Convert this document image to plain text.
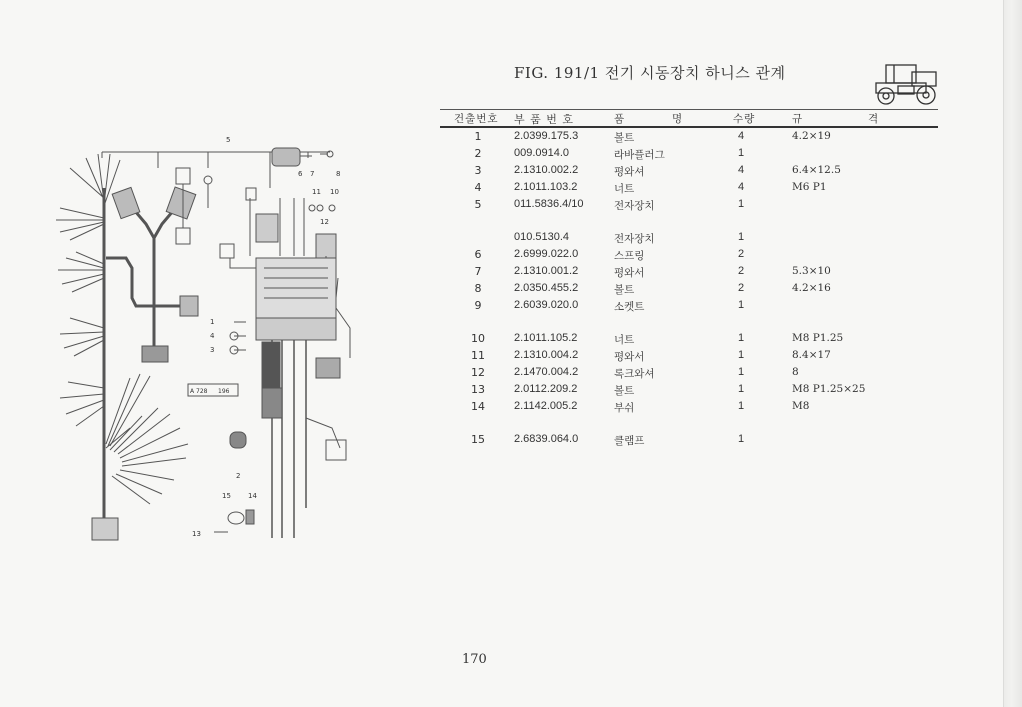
FIG. 191/1 전기 시동장치 하니스 관계
건출번호 부 품 번 호	품	명	수량	규	격
1	2.0399.175.3	볼트	4	4.2×19
2	009.0914.0	라바플러그	1
3	2.1310.002.2	평와셔	4	6.4×12.5
4	2.1011.103.2	너트	4	M6 P1
5	011.5836.4/10	전자장치	1
010.5130.4	전자장치	1
6	2.6999.022.0	스프링	2
7	2.1310.001.2	평와서	2	5.3×10
8	2.0350.455.2	볼트	2	4.2×16
9	2.6039.020.0	소켓트	1
10	2.1011.105.2	너트	1	M8 P1.25
11	2.1310.004.2	평와서	1	8.4×17
12	2.1470.004.2	록크와셔	1	8
13	2.0112.209.2	볼트	1	M8 P1.25×25
14	2.1142.005.2	부쉬	1	M8
15	2.6839.064.0	클램프	1
5
6 7	8
11 10
12
1
4
3
2
15 14
13
A 728 196
170
